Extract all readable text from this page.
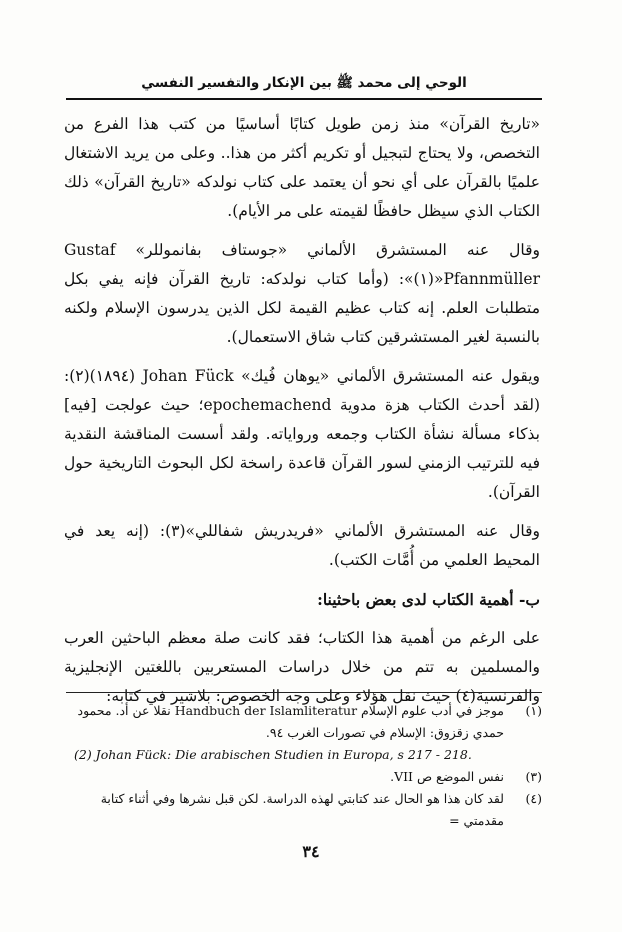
الوحي إلى محمد ﷺ بين الإنكار والتفسير النفسي

«تاريخ القرآن» منذ زمن طويل كتابًا أساسيًا من كتب هذا الفرع من التخصص، ولا يحتاج لتبجيل أو تكريم أكثر من هذا.. وعلى من يريد الاشتغال علميًا بالقرآن على أي نحو أن يعتمد على كتاب نولدكه «تاريخ القرآن» ذلك الكتاب الذي سيظل حافظًا لقيمته على مر الأيام).

وقال عنه المستشرق الألماني «جوستاف بفانموللر» Gustaf Pfannmüller«(١)»: (وأما كتاب نولدكه: تاريخ القرآن فإنه يفي بكل متطلبات العلم. إنه كتاب عظيم القيمة لكل الذين يدرسون الإسلام ولكنه بالنسبة لغير المستشرقين كتاب شاق الاستعمال).

ويقول عنه المستشرق الألماني «يوهان فُيك» Johan Fück (١٨٩٤)(٢): (لقد أحدث الكتاب هزة مدوية epochemachend؛ حيث عولجت [فيه] بذكاء مسألة نشأة الكتاب وجمعه ورواياته. ولقد أسست المناقشة النقدية فيه للترتيب الزمني لسور القرآن قاعدة راسخة لكل البحوث التاريخية حول القرآن).

وقال عنه المستشرق الألماني «فريدريش شفاللي»(٣): (إنه يعد في المحيط العلمي من أُمَّات الكتب).

ب- أهمية الكتاب لدى بعض باحثينا:

على الرغم من أهمية هذا الكتاب؛ فقد كانت صلة معظم الباحثين العرب والمسلمين به تتم من خلال دراسات المستعربين باللغتين الإنجليزية والفرنسية(٤) حيث نقل هؤلاء وعلى وجه الخصوص: بلاشير في كتابه:

(١)
موجز في أدب علوم الإسلام Handbuch der Islamliteratur نقلا عن أد. محمود حمدي زقزوق: الإسلام في تصورات الغرب ٩٤.
(2) Johan Fück: Die arabischen Studien in Europa, s 217 - 218.
(٣)
نفس الموضع ص VII.
(٤)
لقد كان هذا هو الحال عند كتابتي لهذه الدراسة. لكن قبل نشرها وفي أثناء كتابة مقدمتي =
٣٤
